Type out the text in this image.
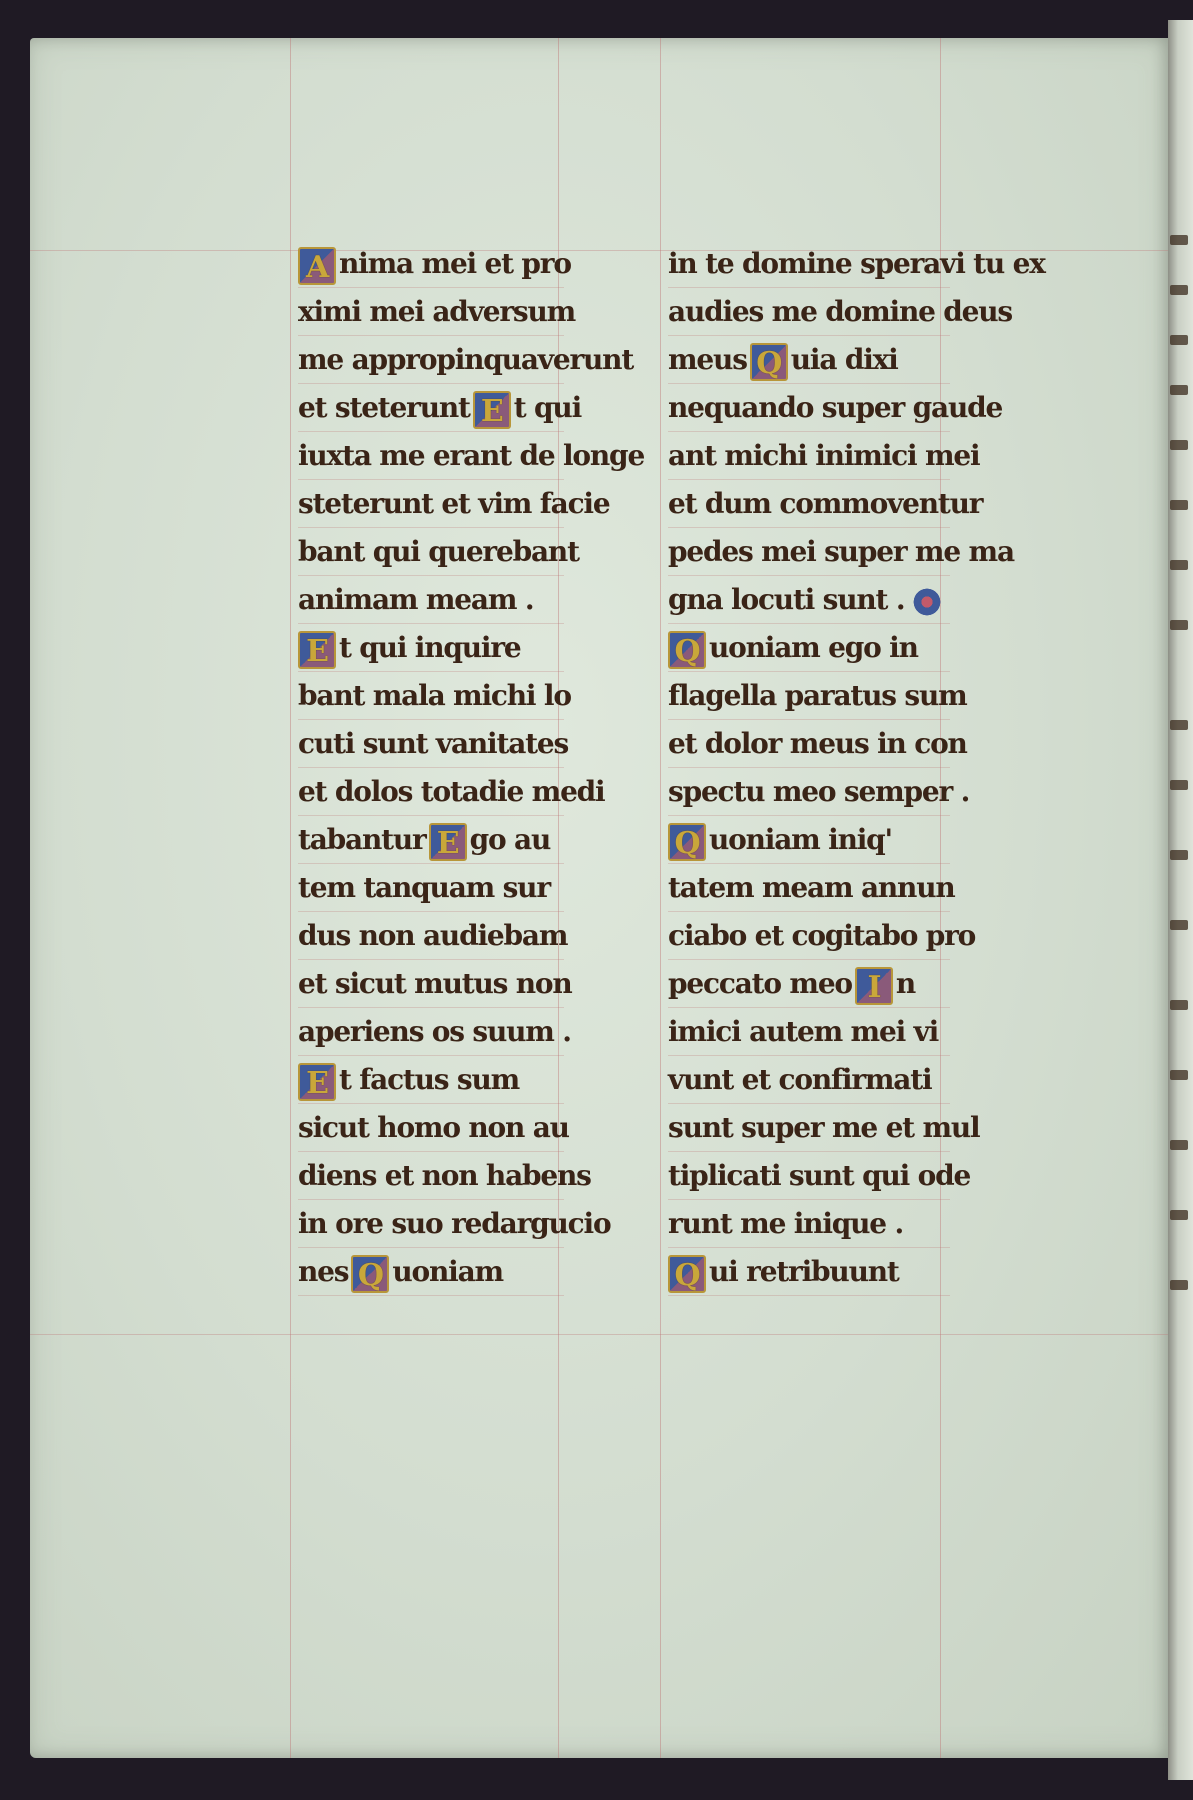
A nima mei et pro
ximi mei adversum
me appropinquaverunt
et steterunt E t qui
iuxta me erant de longe
steterunt et vim facie
bant qui querebant
animam meam .
E t qui inquire
bant mala michi lo
cuti sunt vanitates
et dolos totadie medi
tabantur E go au
tem tanquam sur
dus non audiebam
et sicut mutus non
aperiens os suum .
E t factus sum
sicut homo non au
diens et non habens
in ore suo redargucio
nes Q uoniam
in te domine speravi tu ex
audies me domine deus
meus Q uia dixi
nequando super gaude
ant michi inimici mei
et dum commoventur
pedes mei super me ma
gna locuti sunt .
Q uoniam ego in
flagella paratus sum
et dolor meus in con
spectu meo semper .
Q uoniam iniq'
tatem meam annun
ciabo et cogitabo pro
peccato meo I n
imici autem mei vi
vunt et confirmati
sunt super me et mul
tiplicati sunt qui ode
runt me inique .
Q ui retribuunt
